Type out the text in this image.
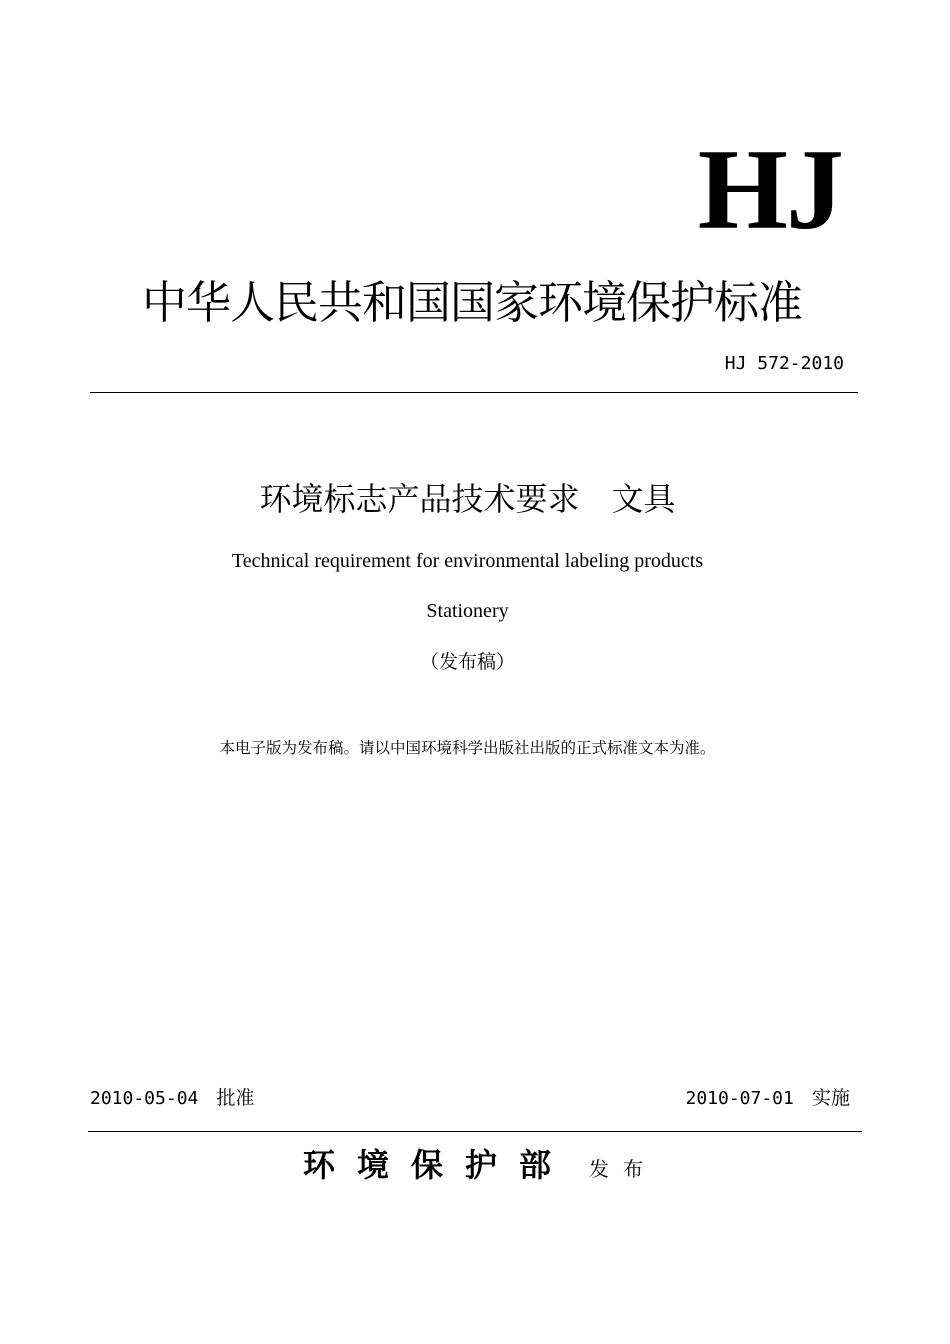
HJ
中华人民共和国国家环境保护标准
HJ 572-2010
环境标志产品技术要求　文具
Technical requirement for environmental labeling products
Stationery
（发布稿）
本电子版为发布稿。请以中国环境科学出版社出版的正式标准文本为准。
2010-05-04 批准	2010-07-01 实施
环境保护部 发布
